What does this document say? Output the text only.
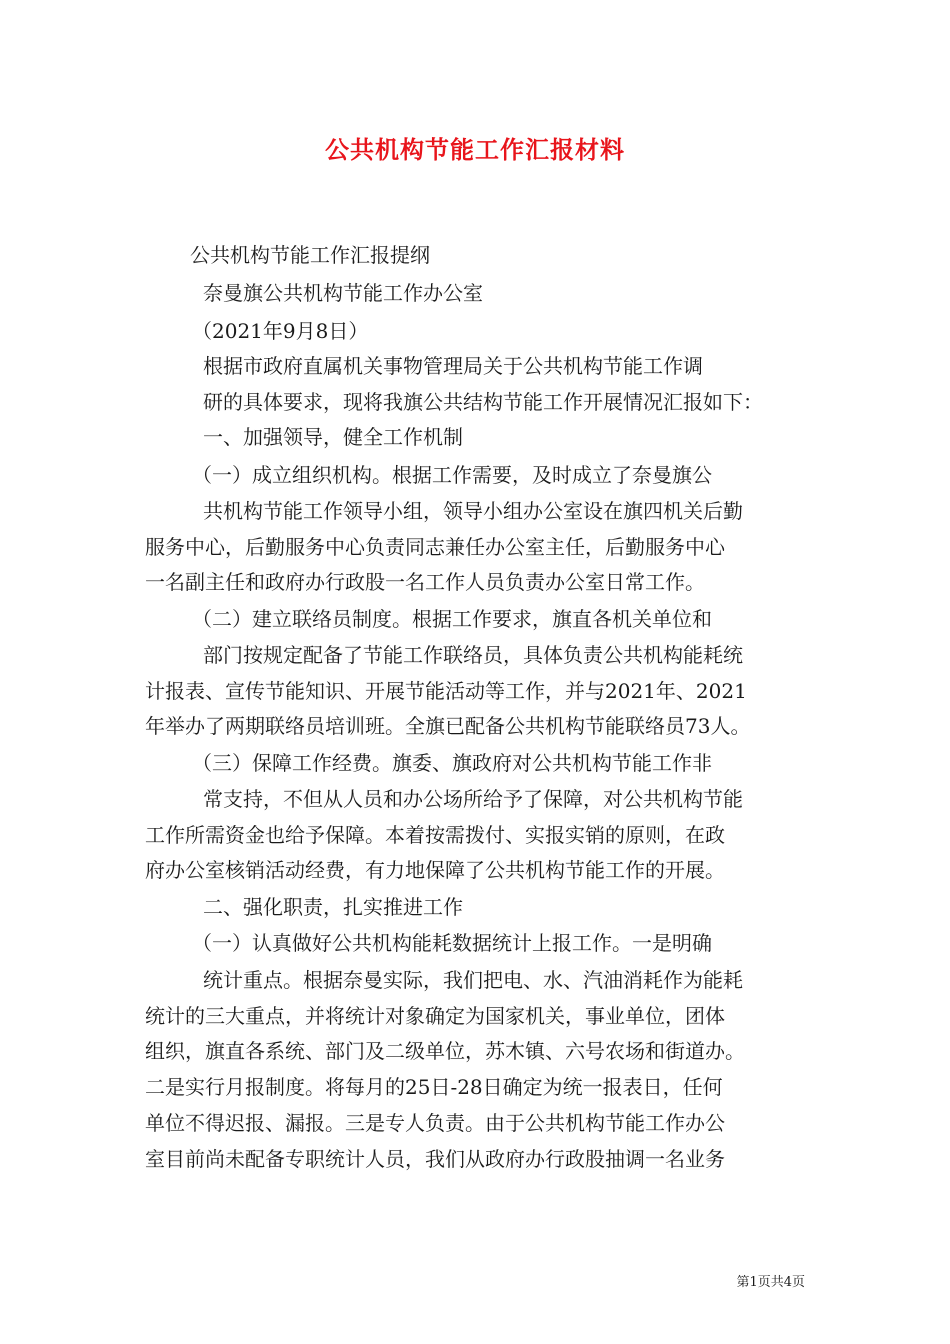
公共机构节能工作汇报材料
公共机构节能工作汇报提纲
奈曼旗公共机构节能工作办公室
（2021年9月8日）
根据市政府直属机关事物管理局关于公共机构节能工作调
研的具体要求，现将我旗公共结构节能工作开展情况汇报如下：
一、加强领导，健全工作机制
（一）成立组织机构。根据工作需要，及时成立了奈曼旗公
共机构节能工作领导小组，领导小组办公室设在旗四机关后勤
服务中心，后勤服务中心负责同志兼任办公室主任，后勤服务中心
一名副主任和政府办行政股一名工作人员负责办公室日常工作。
（二）建立联络员制度。根据工作要求，旗直各机关单位和
部门按规定配备了节能工作联络员，具体负责公共机构能耗统
计报表、宣传节能知识、开展节能活动等工作，并与2021年、2021
年举办了两期联络员培训班。全旗已配备公共机构节能联络员73人。
（三）保障工作经费。旗委、旗政府对公共机构节能工作非
常支持，不但从人员和办公场所给予了保障，对公共机构节能
工作所需资金也给予保障。本着按需拨付、实报实销的原则，在政
府办公室核销活动经费，有力地保障了公共机构节能工作的开展。
二、强化职责，扎实推进工作
（一）认真做好公共机构能耗数据统计上报工作。一是明确
统计重点。根据奈曼实际，我们把电、水、汽油消耗作为能耗
统计的三大重点，并将统计对象确定为国家机关，事业单位，团体
组织，旗直各系统、部门及二级单位，苏木镇、六号农场和街道办。
二是实行月报制度。将每月的25日-28日确定为统一报表日，任何
单位不得迟报、漏报。三是专人负责。由于公共机构节能工作办公
室目前尚未配备专职统计人员，我们从政府办行政股抽调一名业务
第1页共4页
